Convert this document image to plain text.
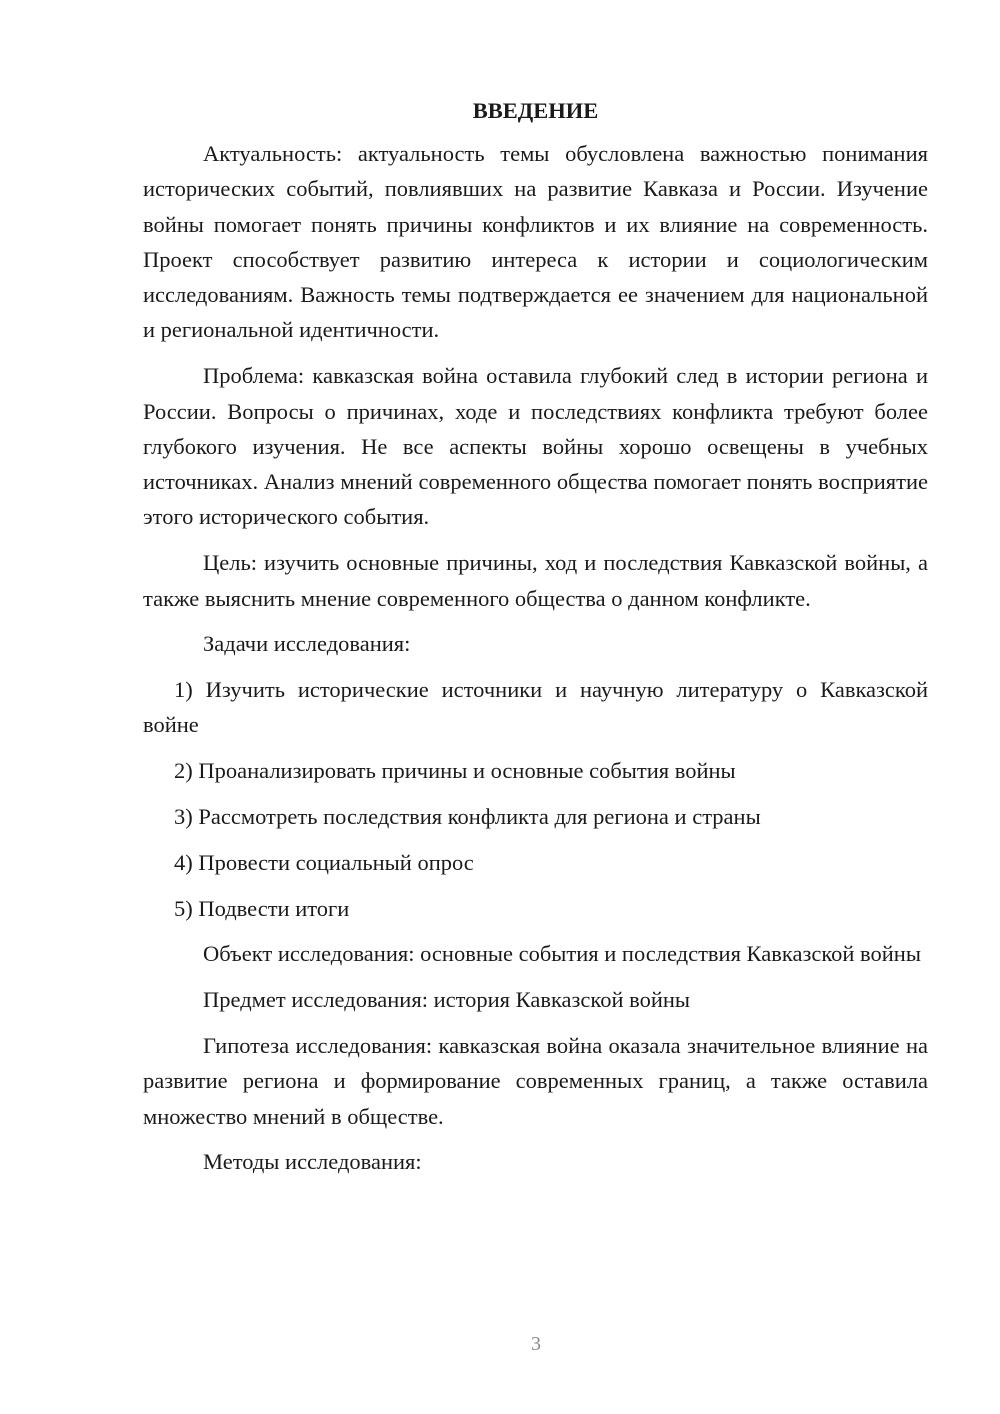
ВВЕДЕНИЕ

Актуальность: актуальность темы обусловлена важностью понимания исторических событий, повлиявших на развитие Кавказа и России. Изучение войны помогает понять причины конфликтов и их влияние на современность. Проект способствует развитию интереса к истории и социологическим исследованиям. Важность темы подтверждается ее значением для национальной и региональной идентичности.

Проблема: кавказская война оставила глубокий след в истории региона и России. Вопросы о причинах, ходе и последствиях конфликта требуют более глубокого изучения. Не все аспекты войны хорошо освещены в учебных источниках. Анализ мнений современного общества помогает понять восприятие этого исторического события.

Цель: изучить основные причины, ход и последствия Кавказской войны, а также выяснить мнение современного общества о данном конфликте.

Задачи исследования:

1) Изучить исторические источники и научную литературу о Кавказской войне

2) Проанализировать причины и основные события войны

3) Рассмотреть последствия конфликта для региона и страны

4) Провести социальный опрос

5) Подвести итоги

Объект исследования: основные события и последствия Кавказской войны

Предмет исследования: история Кавказской войны

Гипотеза исследования: кавказская война оказала значительное влияние на развитие региона и формирование современных границ, а также оставила множество мнений в обществе.

Методы исследования:

3
